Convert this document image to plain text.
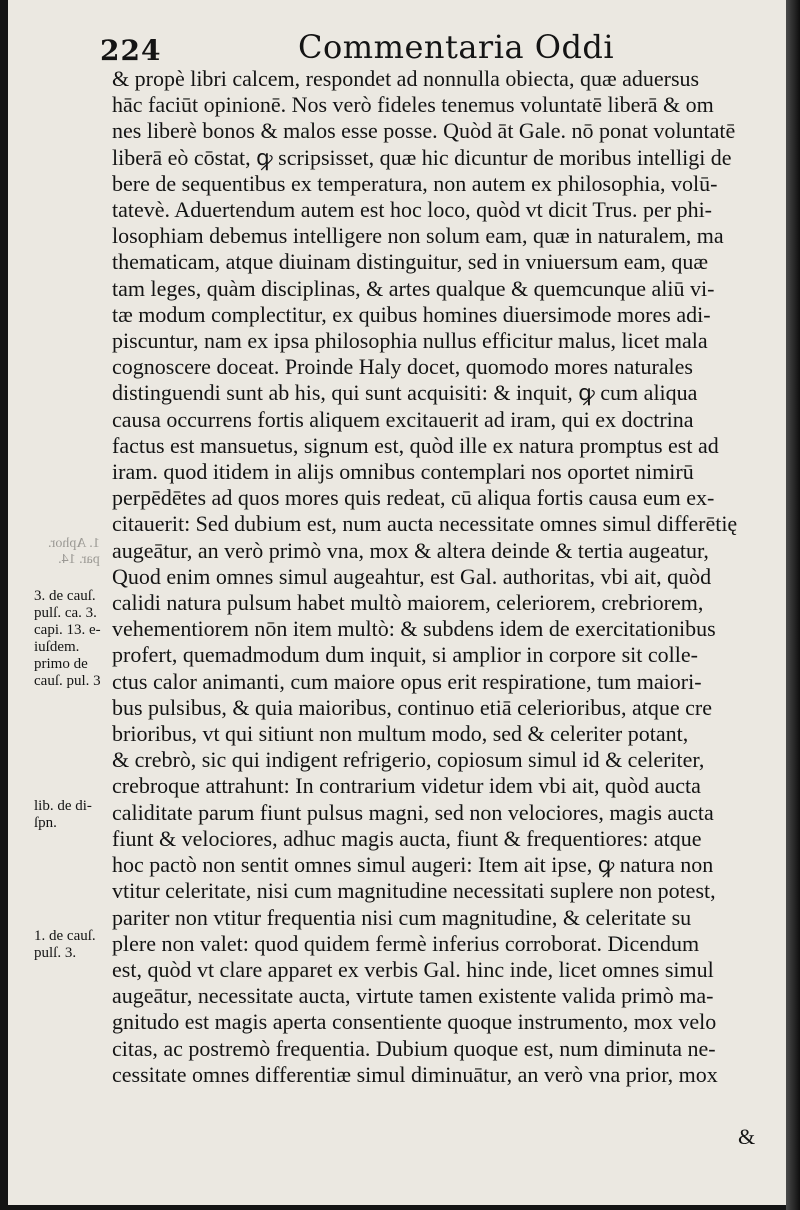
224	Commentaria Oddi
& propè libri calcem, respondet ad nonnulla obiecta, quæ aduersus
hāc faciūt opinionē. Nos verò fideles tenemus voluntatē liberā & om
nes liberè bonos & malos esse posse. Quòd āt Gale. nō ponat voluntatē
liberā eò cōstat, ꝙ scripsisset, quæ hic dicuntur de moribus intelligi de
bere de sequentibus ex temperatura, non autem ex philosophia, volū-
tatevè. Aduertendum autem est hoc loco, quòd vt dicit Trus. per phi-
losophiam debemus intelligere non solum eam, quæ in naturalem, ma
thematicam, atque diuinam distinguitur, sed in vniuersum eam, quæ
tam leges, quàm disciplinas, & artes qualque & quemcunque aliū vi-
tæ modum complectitur, ex quibus homines diuersimode mores adi-
piscuntur, nam ex ipsa philosophia nullus efficitur malus, licet mala
cognoscere doceat. Proinde Haly docet, quomodo mores naturales
distinguendi sunt ab his, qui sunt acquisiti: & inquit, ꝙ cum aliqua
causa occurrens fortis aliquem excitauerit ad iram, qui ex doctrina
factus est mansuetus, signum est, quòd ille ex natura promptus est ad
iram. quod itidem in alijs omnibus contemplari nos oportet nimirū
perpēdētes ad quos mores quis redeat, cū aliqua fortis causa eum ex-
citauerit: Sed dubium est, num aucta necessitate omnes simul differētię
augeātur, an verò primò vna, mox & altera deinde & tertia augeatur,
Quod enim omnes simul augeahtur, est Gal. authoritas, vbi ait, quòd
calidi natura pulsum habet multò maiorem, celeriorem, crebriorem,
vehementiorem nōn item multò: & subdens idem de exercitationibus
profert, quemadmodum dum inquit, si amplior in corpore sit colle-
ctus calor animanti, cum maiore opus erit respiratione, tum maiori-
bus pulsibus, & quia maioribus, continuo etiā celerioribus, atque cre
brioribus, vt qui sitiunt non multum modo, sed & celeriter potant,
& crebrò, sic qui indigent refrigerio, copiosum simul id & celeriter,
crebroque attrahunt: In contrarium videtur idem vbi ait, quòd aucta
caliditate parum fiunt pulsus magni, sed non velociores, magis aucta
fiunt & velociores, adhuc magis aucta, fiunt & frequentiores: atque
hoc pactò non sentit omnes simul augeri: Item ait ipse, ꝙ natura non
vtitur celeritate, nisi cum magnitudine necessitati suplere non potest,
pariter non vtitur frequentia nisi cum magnitudine, & celeritate su
plere non valet: quod quidem fermè inferius corroborat. Dicendum
est, quòd vt clare apparet ex verbis Gal. hinc inde, licet omnes simul
augeātur, necessitate aucta, virtute tamen existente valida primò ma-
gnitudo est magis aperta consentiente quoque instrumento, mox velo
citas, ac postremò frequentia. Dubium quoque est, num diminuta ne-
cessitate omnes differentiæ simul diminuātur, an verò vna prior, mox
3. de cauſ.
pulſ. ca. 3.
capi. 13. e-
iuſdem.
primo de
cauſ. pul. 3
lib. de di-
ſpn.
1. de cauſ.
pulſ. 3.
1. Aphor.
par. 14.
&
